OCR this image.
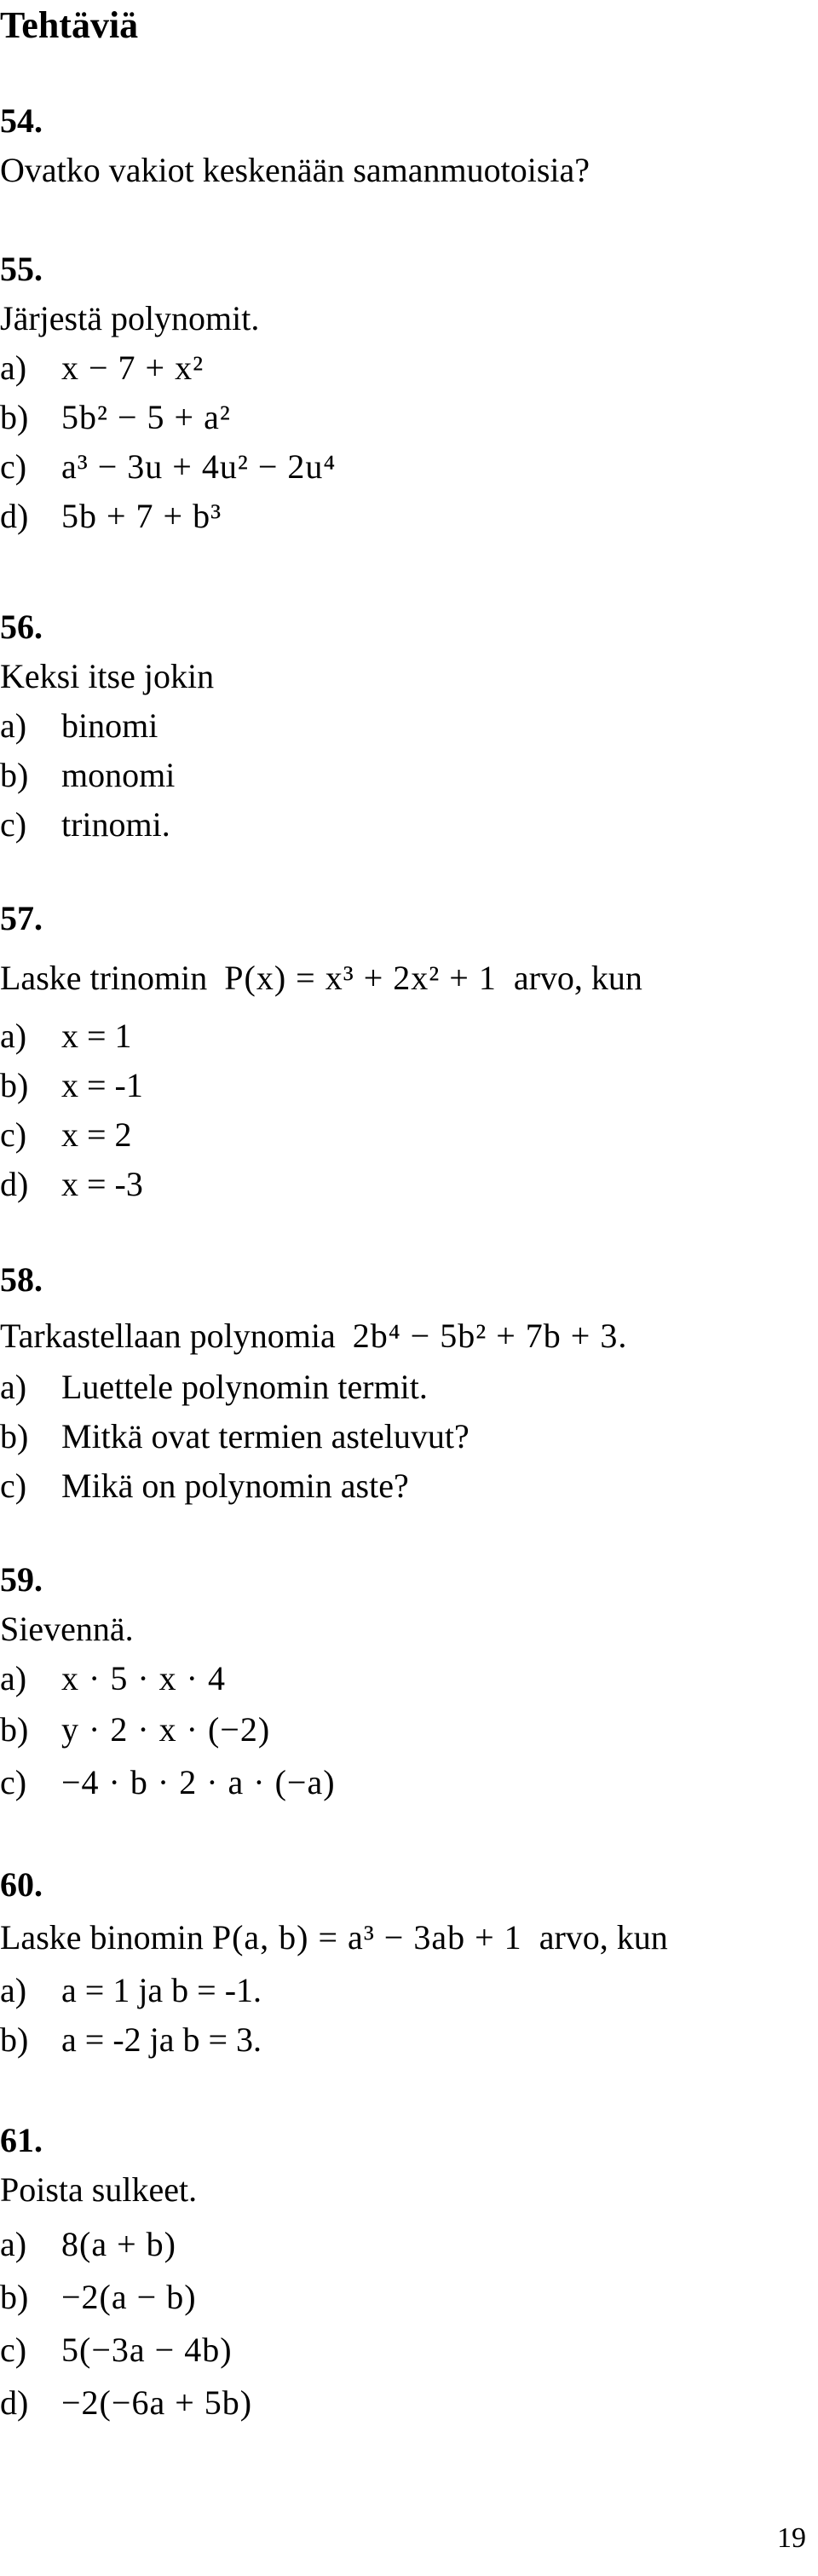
Tehtäviä
54.
Ovatko vakiot keskenään samanmuotoisia?
55.
Järjestä polynomit.
a) x − 7 + x²
b) 5b² − 5 + a²
c) a³ − 3u + 4u² − 2u⁴
d) 5b + 7 + b³
56.
Keksi itse jokin
a) binomi
b) monomi
c) trinomi.
57.
Laske trinomin P(x) = x³ + 2x² + 1 arvo, kun
a) x = 1
b) x = -1
c) x = 2
d) x = -3
58.
Tarkastellaan polynomia 2b⁴ − 5b² + 7b + 3.
a) Luettele polynomin termit.
b) Mitkä ovat termien asteluvut?
c) Mikä on polynomin aste?
59.
Sievennä.
a) x · 5 · x · 4
b) y · 2 · x · (−2)
c) −4 · b · 2 · a · (−a)
60.
Laske binomin P(a, b) = a³ − 3ab + 1 arvo, kun
a) a = 1 ja b = -1.
b) a = -2 ja b = 3.
61.
Poista sulkeet.
a) 8(a + b)
b) −2(a − b)
c) 5(−3a − 4b)
d) −2(−6a + 5b)
19
